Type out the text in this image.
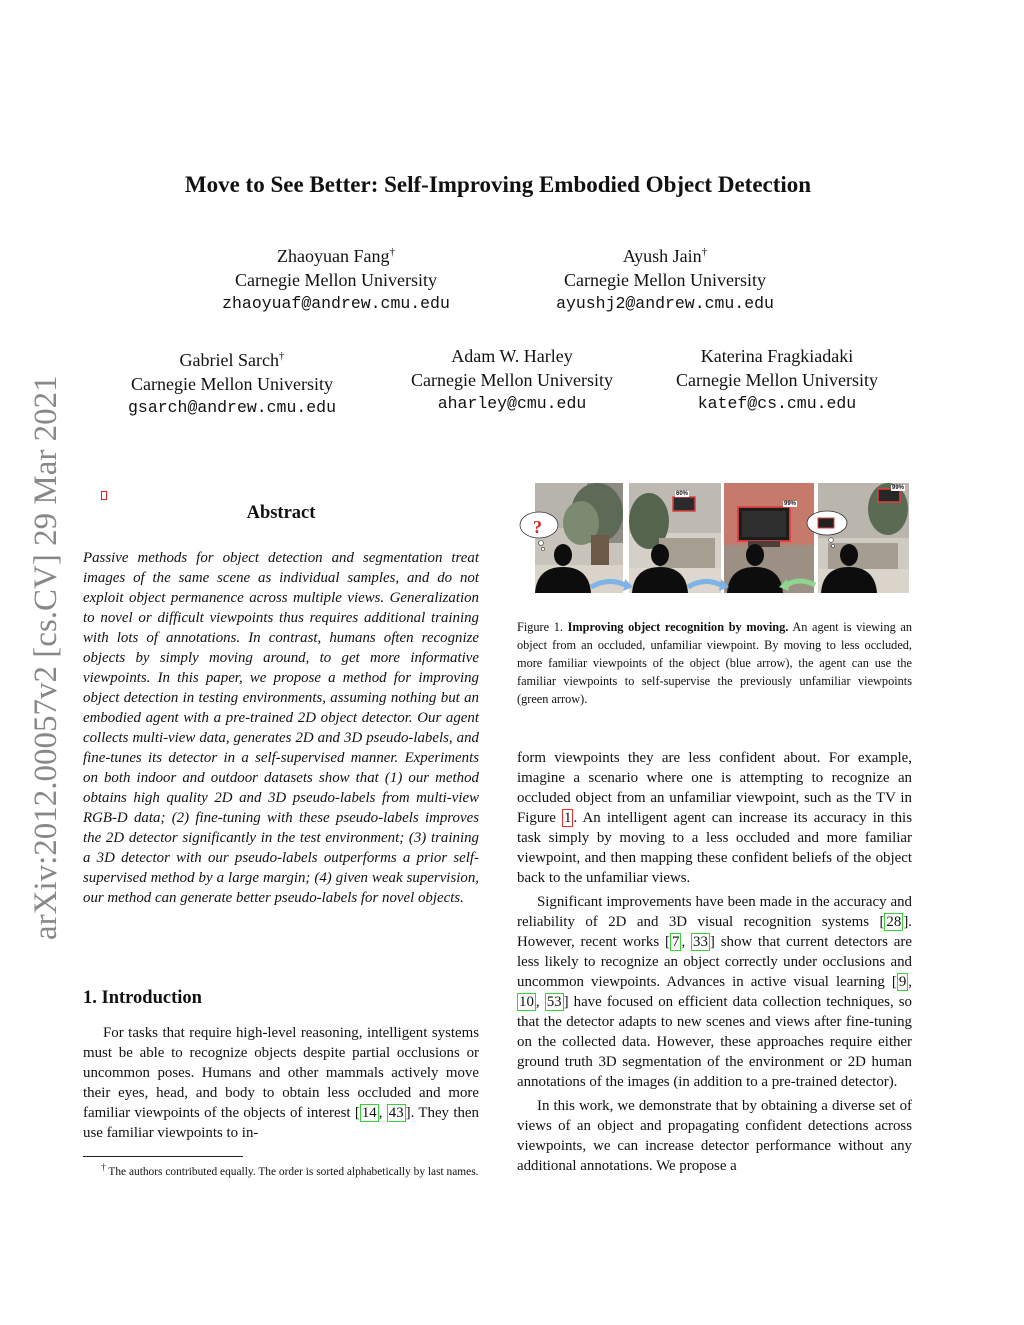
arXiv:2012.00057v2 [cs.CV] 29 Mar 2021
Move to See Better: Self-Improving Embodied Object Detection
Zhaoyuan Fang†
Carnegie Mellon University
zhaoyuaf@andrew.cmu.edu
Ayush Jain†
Carnegie Mellon University
ayushj2@andrew.cmu.edu
Gabriel Sarch†
Carnegie Mellon University
gsarch@andrew.cmu.edu
Adam W. Harley
Carnegie Mellon University
aharley@cmu.edu
Katerina Fragkiadaki
Carnegie Mellon University
katef@cs.cmu.edu
Abstract
Passive methods for object detection and segmentation treat images of the same scene as individual samples, and do not exploit object permanence across multiple views. Generalization to novel or difficult viewpoints thus requires additional training with lots of annotations. In contrast, humans often recognize objects by simply moving around, to get more informative viewpoints. In this paper, we propose a method for improving object detection in testing environments, assuming nothing but an embodied agent with a pre-trained 2D object detector. Our agent collects multi-view data, generates 2D and 3D pseudo-labels, and fine-tunes its detector in a self-supervised manner. Experiments on both indoor and outdoor datasets show that (1) our method obtains high quality 2D and 3D pseudo-labels from multi-view RGB-D data; (2) fine-tuning with these pseudo-labels improves the 2D detector significantly in the test environment; (3) training a 3D detector with our pseudo-labels outperforms a prior self-supervised method by a large margin; (4) given weak supervision, our method can generate better pseudo-labels for novel objects.
1. Introduction
For tasks that require high-level reasoning, intelligent systems must be able to recognize objects despite partial occlusions or uncommon poses. Humans and other mammals actively move their eyes, head, and body to obtain less occluded and more familiar viewpoints of the objects of interest [ 14 , 43 ]. They then use familiar viewpoints to in-
† The authors contributed equally. The order is sorted alphabetically by last names.
60%
99%
99%
?
Figure 1. Improving object recognition by moving. An agent is viewing an object from an occluded, unfamiliar viewpoint. By moving to less occluded, more familiar viewpoints of the object (blue arrow), the agent can use the familiar viewpoints to self-supervise the previously unfamiliar viewpoints (green arrow).

form viewpoints they are less confident about. For example, imagine a scenario where one is attempting to recognize an occluded object from an unfamiliar viewpoint, such as the TV in Figure 1 . An intelligent agent can increase its accuracy in this task simply by moving to a less occluded and more familiar viewpoint, and then mapping these confident beliefs of the object back to the unfamiliar views.

Significant improvements have been made in the accuracy and reliability of 2D and 3D visual recognition systems [ 28 ]. However, recent works [ 7 , 33 ] show that current detectors are less likely to recognize an object correctly under occlusions and uncommon viewpoints. Advances in active visual learning [ 9 , 10 , 53 ] have focused on efficient data collection techniques, so that the detector adapts to new scenes and views after fine-tuning on the collected data. However, these approaches require either ground truth 3D segmentation of the environment or 2D human annotations of the images (in addition to a pre-trained detector).

In this work, we demonstrate that by obtaining a diverse set of views of an object and propagating confident detections across viewpoints, we can increase detector performance without any additional annotations. We propose a
